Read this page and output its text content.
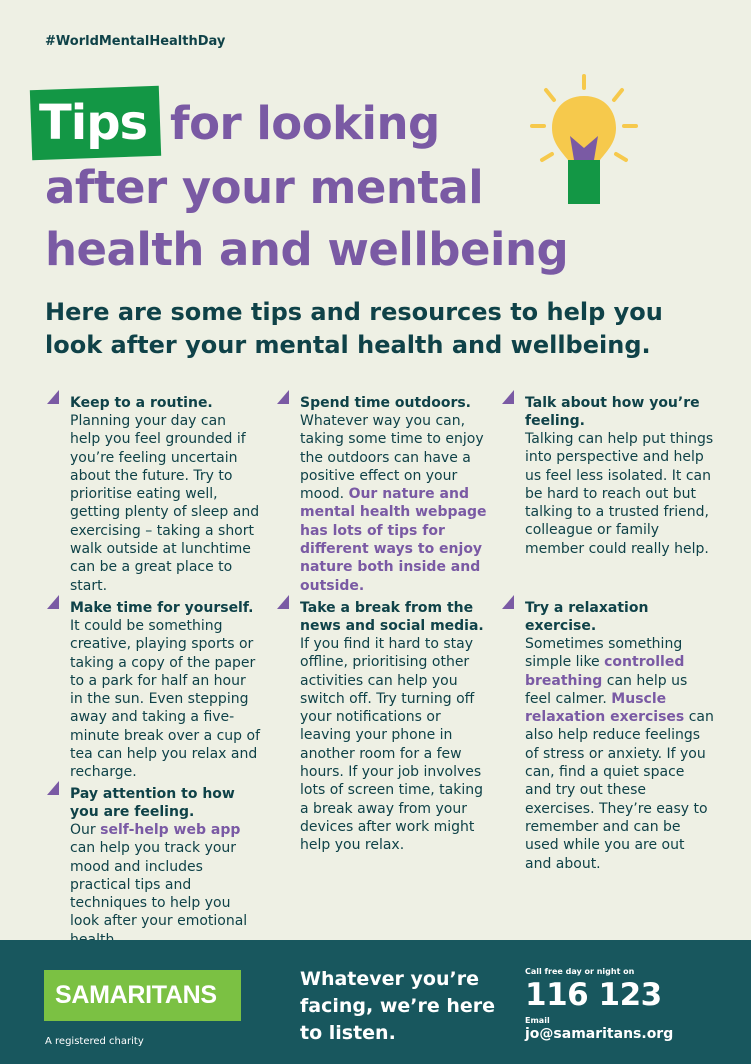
#WorldMentalHealthDay
Tips for looking
after your mental
health and wellbeing
Here are some tips and resources to help you look after your mental health and wellbeing.
Keep to a routine.
Planning your day can help you feel grounded if you’re feeling uncertain about the future. Try to prioritise eating well, getting plenty of sleep and exercising – taking a short walk outside at lunchtime can be a great place to start.
Make time for yourself.
It could be something creative, playing sports or taking a copy of the paper to a park for half an hour in the sun. Even stepping away and taking a five-minute break over a cup of tea can help you relax and recharge.
Pay attention to how you are feeling.
Our self-help web app can help you track your mood and includes practical tips and techniques to help you look after your emotional
Spend time outdoors.
Whatever way you can, taking some time to enjoy the outdoors can have a positive effect on your mood. Our nature and mental health webpage has lots of tips for different ways to enjoy nature both inside and outside.
Take a break from the news and social media.
If you find it hard to stay offline, prioritising other activities can help you switch off. Try turning off your notifications or leaving your phone in another room for a few hours. If your job involves lots of screen time, taking a break away from your devices after work might help you relax.
Talk about how you’re feeling.
Talking can help put things into perspective and help us feel less isolated. It can be hard to reach out but talking to a trusted friend, colleague or family member could really help.
Try a relaxation exercise.
Sometimes something simple like controlled breathing can help us feel calmer. Muscle relaxation exercises can also help reduce feelings of stress or anxiety. If you can, find a quiet space and try out these exercises. They’re easy to remember and can be used while you are out and about.
SAMARITANS
A registered charity
Whatever you’re facing, we’re here to listen.
Call free day or night on
116 123
Email
jo@samaritans.org
